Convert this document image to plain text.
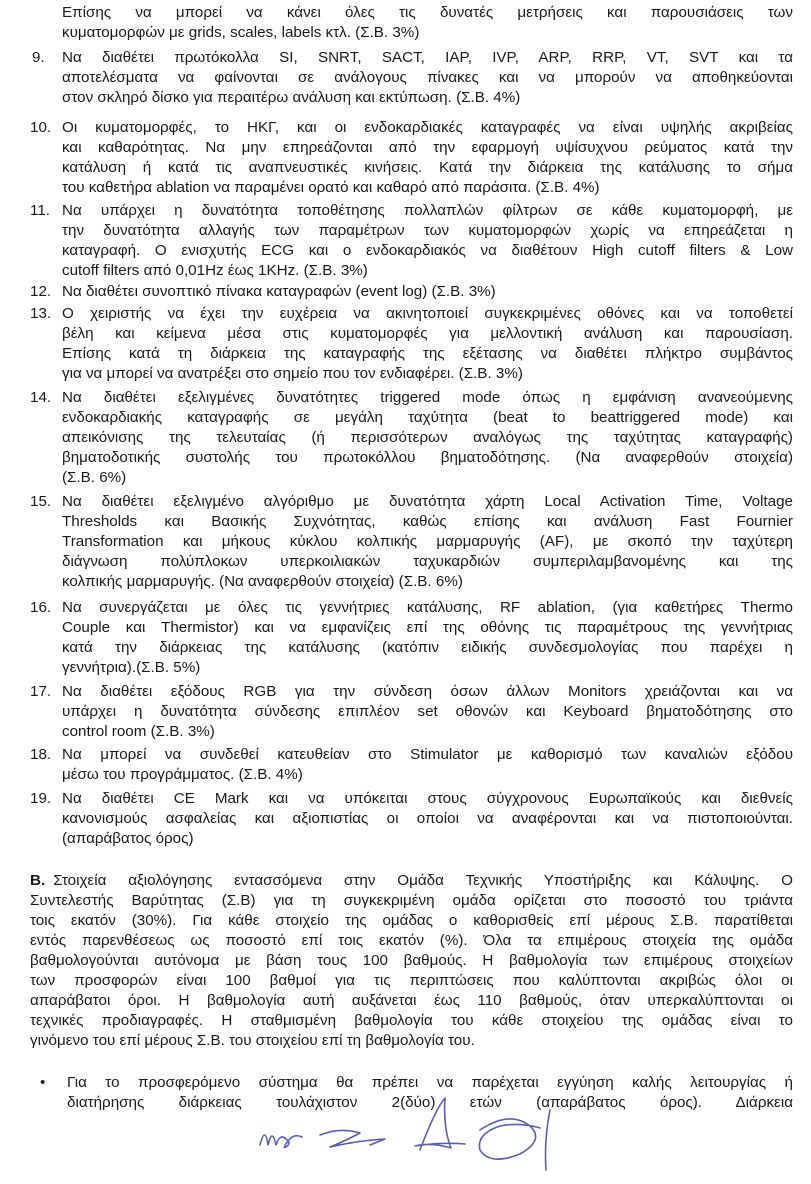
Επίσης να μπορεί να κάνει όλες τις δυνατές μετρήσεις και παρουσιάσεις των
κυματομορφών με grids, scales, labels κτλ. (Σ.Β. 3%)
9. Να διαθέτει πρωτόκολλα SI, SNRT, SACT, IAP, IVP, ARP, RRP, VT, SVT και τα
αποτελέσματα να φαίνονται σε ανάλογους πίνακες και να μπορούν να αποθηκεύονται
στον σκληρό δίσκο για περαιτέρω ανάλυση και εκτύπωση. (Σ.Β. 4%)
10. Οι κυματομορφές, το ΗΚΓ, και οι ενδοκαρδιακές καταγραφές να είναι υψηλής ακριβείας
και καθαρότητας. Να μην επηρεάζονται από την εφαρμογή υψίσυχνου ρεύματος κατά την
κατάλυση ή κατά τις αναπνευστικές κινήσεις. Κατά την διάρκεια της κατάλυσης το σήμα
του καθετήρα ablation να παραμένει ορατό και καθαρό από παράσιτα. (Σ.Β. 4%)
11. Να υπάρχει η δυνατότητα τοποθέτησης πολλαπλών φίλτρων σε κάθε κυματομορφή, με
την δυνατότητα αλλαγής των παραμέτρων των κυματομορφών χωρίς να επηρεάζεται η
καταγραφή. Ο ενισχυτής ECG και ο ενδοκαρδιακός να διαθέτουν High cutoff filters & Low
cutoff filters από 0,01Hz έως 1KHz. (Σ.Β. 3%)
12. Να διαθέτει συνοπτικό πίνακα καταγραφών (event log) (Σ.Β. 3%)
13. Ο χειριστής να έχει την ευχέρεια να ακινητοποιεί συγκεκριμένες οθόνες και να τοποθετεί
βέλη και κείμενα μέσα στις κυματομορφές για μελλοντική ανάλυση και παρουσίαση.
Επίσης κατά τη διάρκεια της καταγραφής της εξέτασης να διαθέτει πλήκτρο συμβάντος
για να μπορεί να ανατρέξει στο σημείο που τον ενδιαφέρει. (Σ.Β. 3%)
14. Να διαθέτει εξελιγμένες δυνατότητες triggered mode όπως η εμφάνιση ανανεούμενης
ενδοκαρδιακής καταγραφής σε μεγάλη ταχύτητα (beat to beattriggered mode) και
απεικόνισης της τελευταίας (ή περισσότερων αναλόγως της ταχύτητας καταγραφής)
βηματοδοτικής συστολής του πρωτοκόλλου βηματοδότησης. (Να αναφερθούν στοιχεία)
(Σ.Β. 6%)
15. Να διαθέτει εξελιγμένο αλγόριθμο με δυνατότητα χάρτη Local Activation Time, Voltage
Thresholds και Βασικής Συχνότητας, καθώς επίσης και ανάλυση Fast Fournier
Transformation και μήκους κύκλου κολπικής μαρμαρυγής (AF), με σκοπό την ταχύτερη
διάγνωση πολύπλοκων υπερκοιλιακών ταχυκαρδιών συμπεριλαμβανομένης και της
κολπικής μαρμαρυγής. (Να αναφερθούν στοιχεία) (Σ.Β. 6%)
16. Να συνεργάζεται με όλες τις γεννήτριες κατάλυσης, RF ablation, (για καθετήρες Thermo
Couple και Thermistor) και να εμφανίζεις επί της οθόνης τις παραμέτρους της γεννήτριας
κατά την διάρκειας της κατάλυσης (κατόπιν ειδικής συνδεσμολογίας που παρέχει η
γεννήτρια).(Σ.Β. 5%)
17. Να διαθέτει εξόδους RGB για την σύνδεση όσων άλλων Monitors χρειάζονται και να
υπάρχει η δυνατότητα σύνδεσης επιπλέον set οθονών και Keyboard βηματοδότησης στο
control room (Σ.Β. 3%)
18. Να μπορεί να συνδεθεί κατευθείαν στο Stimulator με καθορισμό των καναλιών εξόδου
μέσω του προγράμματος. (Σ.Β. 4%)
19. Να διαθέτει CE Mark και να υπόκειται στους σύγχρονους Ευρωπαϊκούς και διεθνείς
κανονισμούς ασφαλείας και αξιοπιστίας οι οποίοι να αναφέρονται και να πιστοποιούνται.
(απαράβατος όρος)
Β. Στοιχεία αξιολόγησης εντασσόμενα στην Ομάδα Τεχνικής Υποστήριξης και Κάλυψης. Ο
Συντελεστής Βαρύτητας (Σ.Β) για τη συγκεκριμένη ομάδα ορίζεται στο ποσοστό του τριάντα
τοις εκατόν (30%). Για κάθε στοιχείο της ομάδας ο καθορισθείς επί μέρους Σ.Β. παρατίθεται
εντός παρενθέσεως ως ποσοστό επί τοις εκατόν (%). Όλα τα επιμέρους στοιχεία της ομάδα
βαθμολογούνται αυτόνομα με βάση τους 100 βαθμούς. Η βαθμολογία των επιμέρους στοιχείων
των προσφορών είναι 100 βαθμοί για τις περιπτώσεις που καλύπτονται ακριβώς όλοι οι
απαράβατοι όροι. Η βαθμολογία αυτή αυξάνεται έως 110 βαθμούς, όταν υπερκαλύπτονται οι
τεχνικές προδιαγραφές. Η σταθμισμένη βαθμολογία του κάθε στοιχείου της ομάδας είναι το
γινόμενο του επί μέρους Σ.Β. του στοιχείου επί τη βαθμολογία του.
• Για το προσφερόμενο σύστημα θα πρέπει να παρέχεται εγγύηση καλής λειτουργίας ή
διατήρησης διάρκειας τουλάχιστον 2(δύο) ετών (απαράβατος όρος). Διάρκεια
